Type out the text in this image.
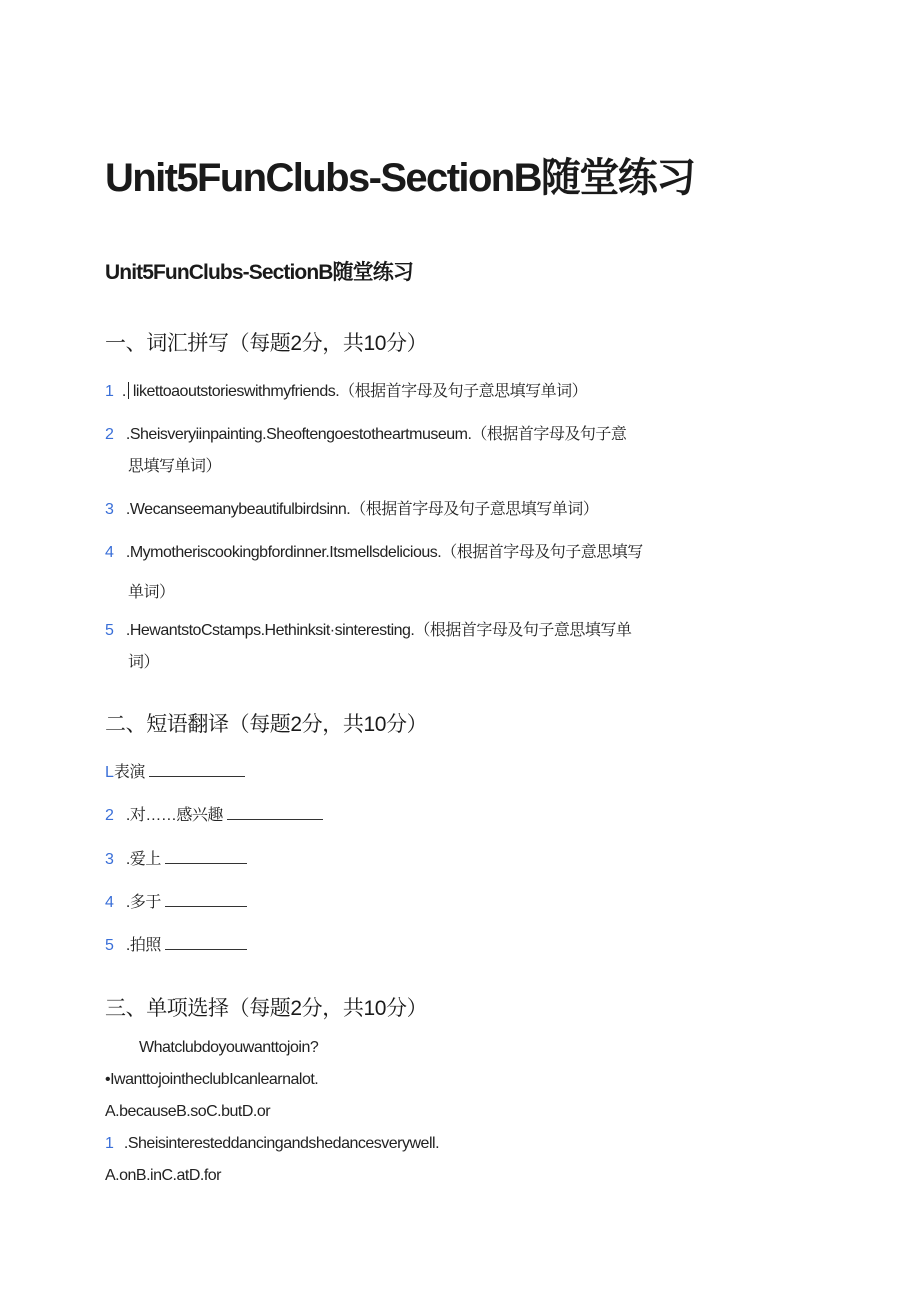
Unit5FunClubs-SectionB随堂练习
Unit5FunClubs-SectionB随堂练习
一、词汇拼写（每题2分，共10分）
1 . likettoaoutstorieswithmyfriends.（根据首字母及句子意思填写单词）
2 .Sheisveryiinpainting.Sheoftengoestotheartmuseum.（根据首字母及句子意
思填写单词）
3 .Wecanseemanybeautifulbirdsinn.（根据首字母及句子意思填写单词）
4 .Mymotheriscookingbfordinner.Itsmellsdelicious.（根据首字母及句子意思填写
单词）
5 .HewantstoCstamps.Hethinksit·sinteresting.（根据首字母及句子意思填写单
词）
二、短语翻译（每题2分，共10分）
L表演
2 .对……感兴趣
3 .爱上
4 .多于
5 .拍照
三、单项选择（每题2分，共10分）
Whatclubdoyouwanttojoin?
•IwanttojointheclubIcanlearnalot.
A.becauseB.soC.butD.or
1 .Sheisinteresteddancingandshedancesverywell.
A.onB.inC.atD.for
